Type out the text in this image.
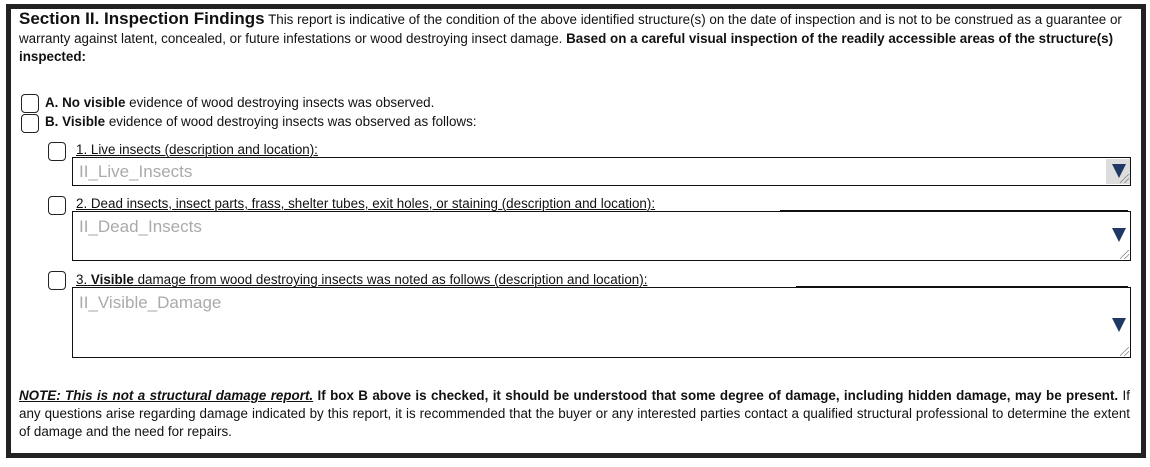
Section II. Inspection Findings This report is indicative of the condition of the above identified structure(s) on the date of inspection and is not to be construed as a guarantee or warranty against latent, concealed, or future infestations or wood destroying insect damage. Based on a careful visual inspection of the readily accessible areas of the structure(s) inspected:
A. No visible evidence of wood destroying insects was observed.
B. Visible evidence of wood destroying insects was observed as follows:
1. Live insects (description and location):
II_Live_Insects
2. Dead insects, insect parts, frass, shelter tubes, exit holes, or staining (description and location):
II_Dead_Insects
3. Visible damage from wood destroying insects was noted as follows (description and location):
II_Visible_Damage
NOTE: This is not a structural damage report. If box B above is checked, it should be understood that some degree of damage, including hidden damage, may be present. If any questions arise regarding damage indicated by this report, it is recommended that the buyer or any interested parties contact a qualified structural professional to determine the extent of damage and the need for repairs.
